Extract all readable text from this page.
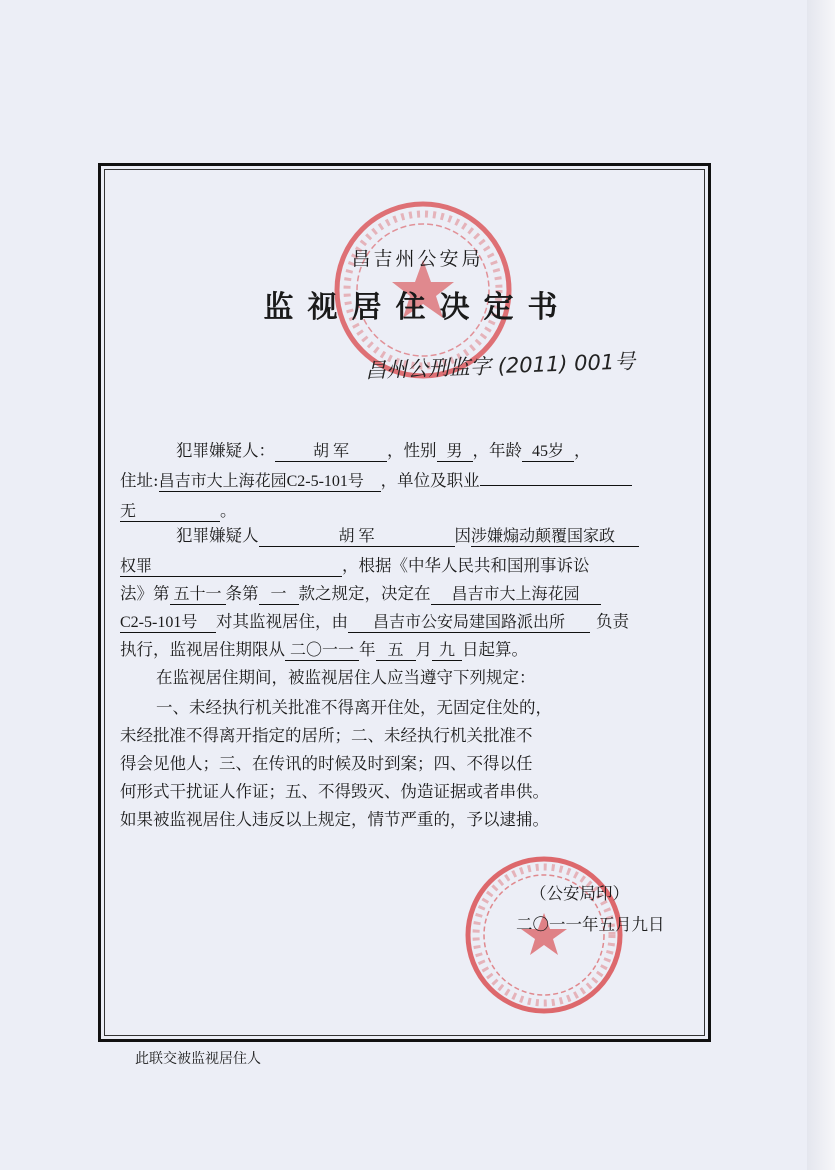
昌吉州公安局
监视居住决定书
昌州公刑监字 (2011) 001号
犯罪嫌疑人： 胡 军 ，性别 男 ，年龄 45岁 ，
住址:昌吉市大上海花园C2-5-101号 ，单位及职业
无	。
犯罪嫌疑人	胡 军	因涉嫌煽动颠覆国家政
权罪	，根据《中华人民共和国刑事诉讼
法》第 五十一 条第 一 款之规定，决定在 昌吉市大上海花园
C2-5-101号 对其监视居住，由 昌吉市公安局建国路派出所 负责
执行，监视居住期限从 二〇一一 年 五 月 九 日起算。
在监视居住期间，被监视居住人应当遵守下列规定：
一、未经执行机关批准不得离开住处，无固定住处的，
未经批准不得离开指定的居所；二、未经执行机关批准不
得会见他人；三、在传讯的时候及时到案；四、不得以任
何形式干扰证人作证；五、不得毁灭、伪造证据或者串供。
如果被监视居住人违反以上规定，情节严重的，予以逮捕。
（公安局印）
二〇一一年五月九日
此联交被监视居住人
